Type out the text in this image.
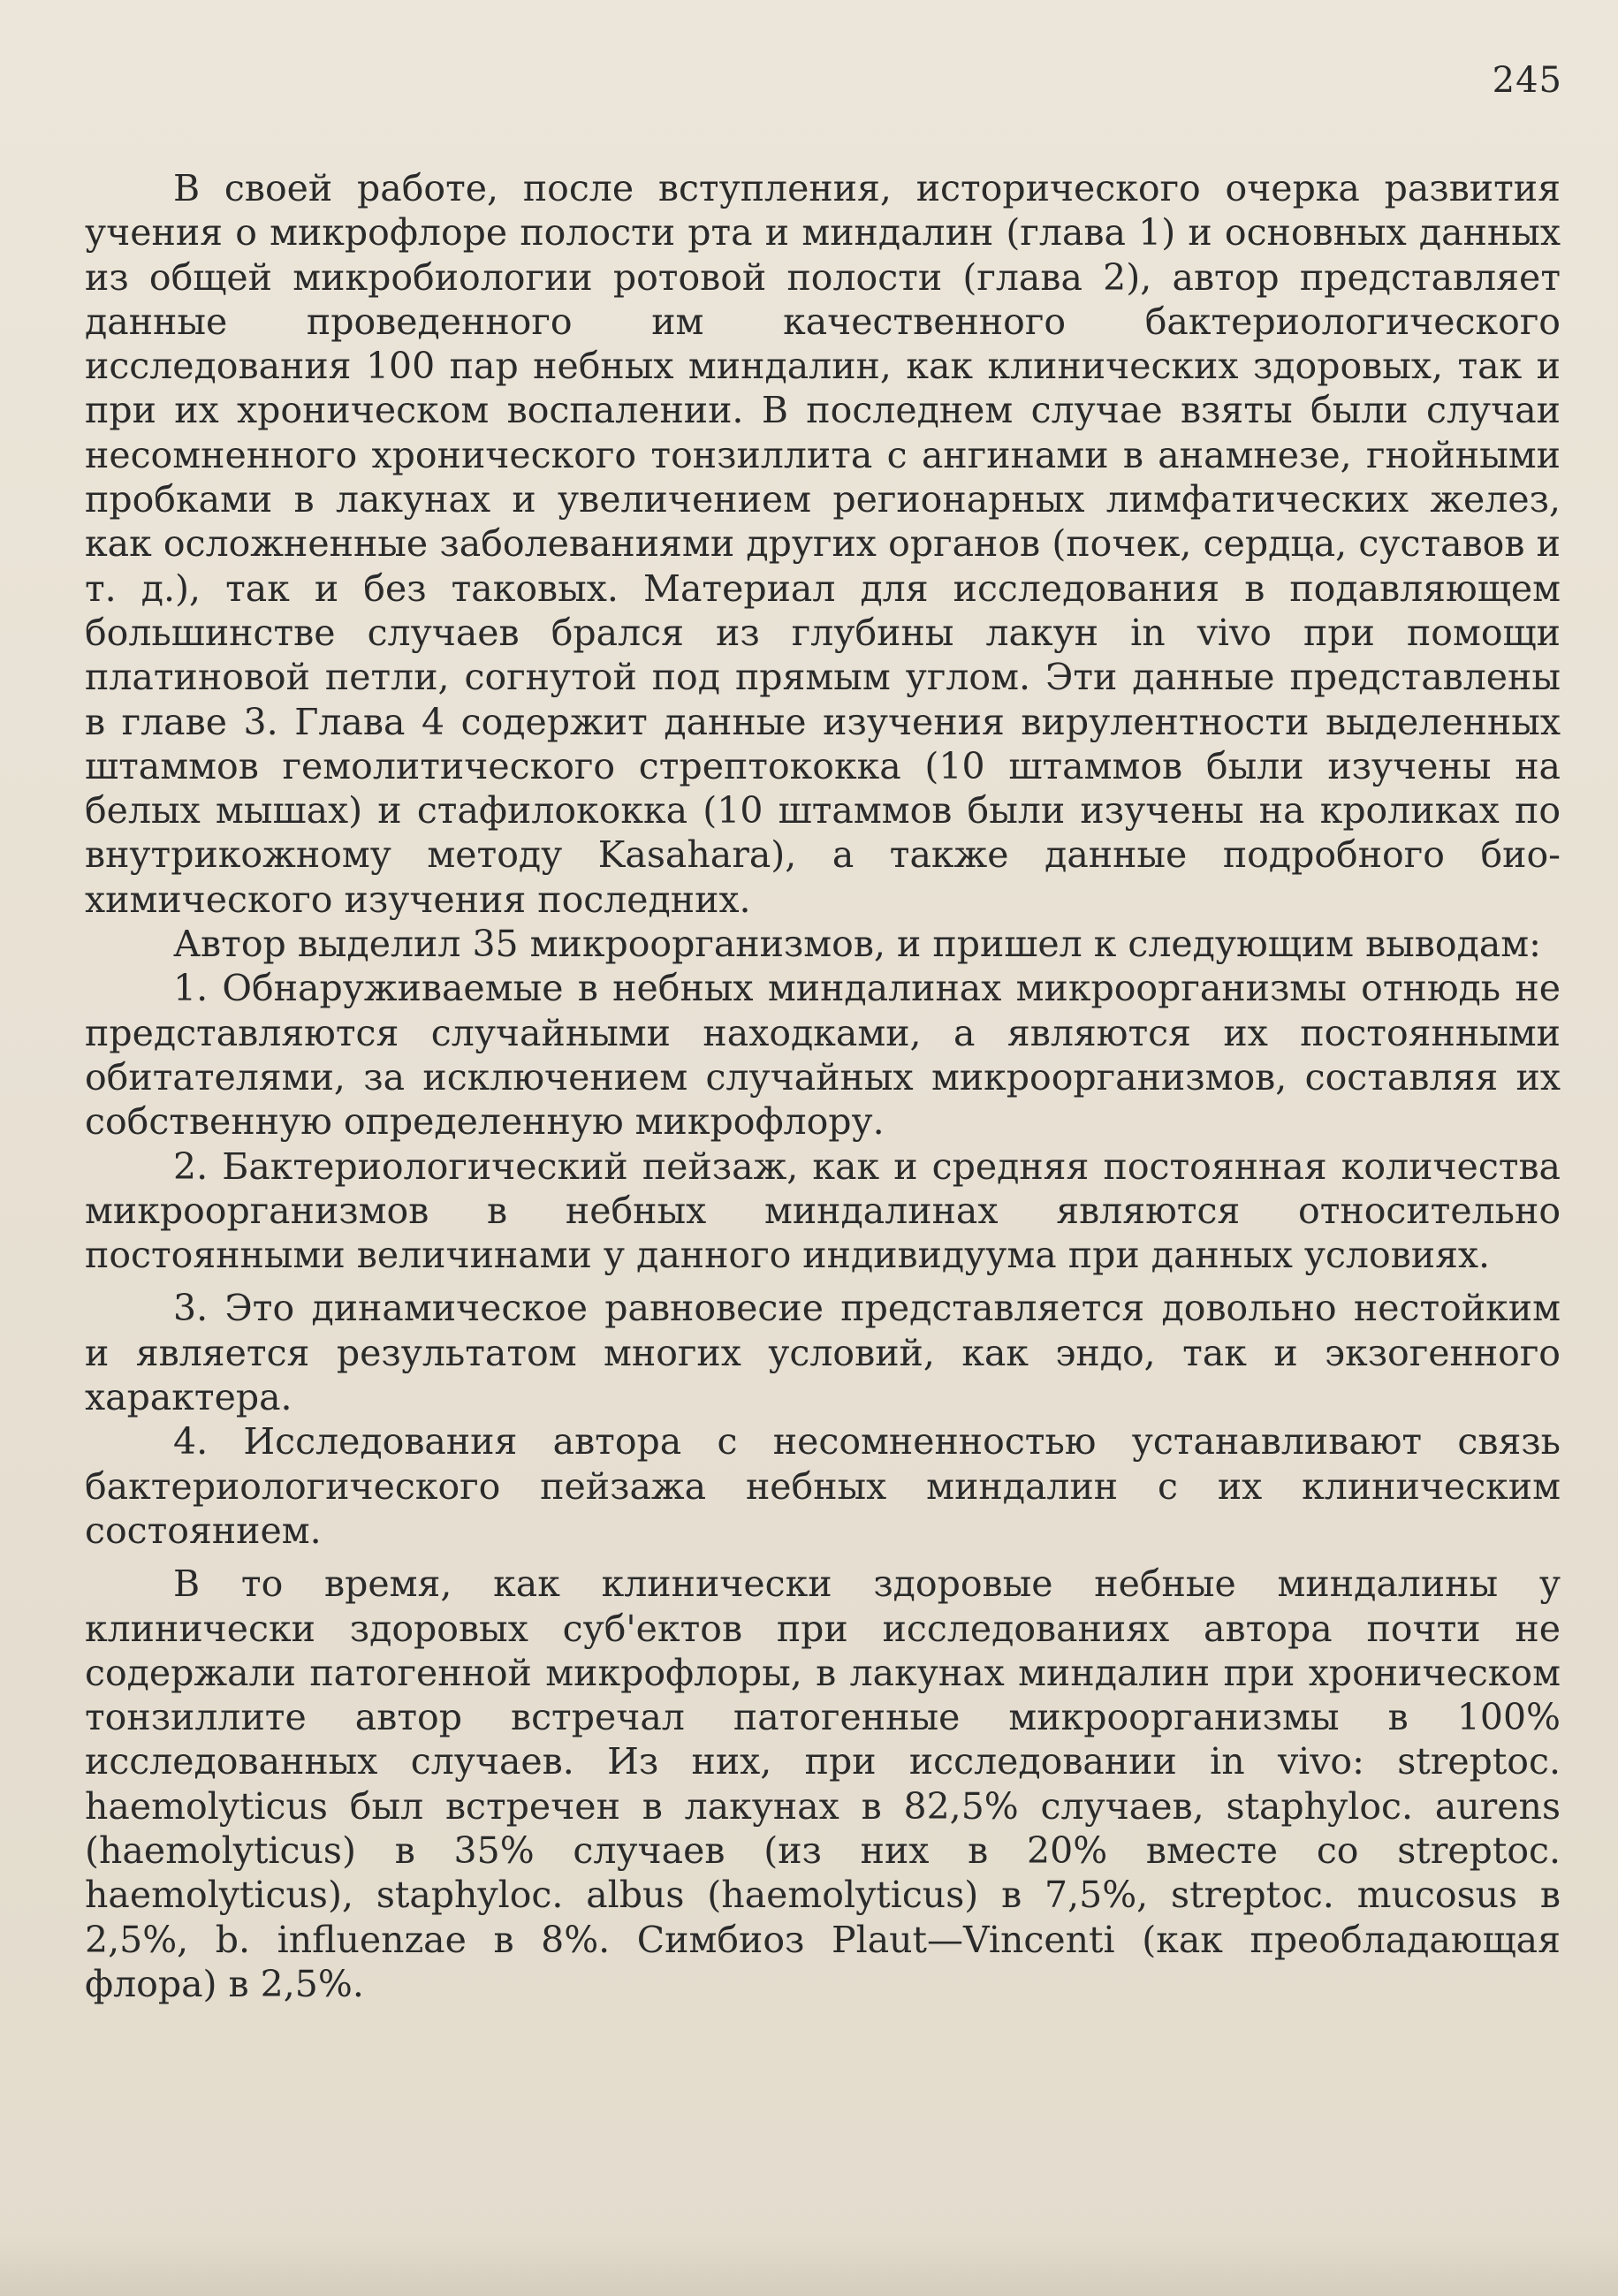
245

В своей работе, после вступления, исторического очерка развития учения о микрофлоре полости рта и миндалин (глава 1) и основных данных из общей микробиологии ротовой полости (глава 2), автор представляет данные проведенного им качественного бактериологического исследования 100 пар небных миндалин, как клинических здоровых, так и при их хроническом воспалении. В последнем случае взяты были случаи несомненного хронического тонзиллита с ангинами в анамнезе, гнойными пробками в лакунах и увеличением регионарных лимфатических желез, как осложненные заболеваниями других органов (почек, сердца, суставов и т. д.), так и без таковых. Материал для исследования в подавляющем большинстве случаев брался из глубины лакун in vivo при помощи платиновой петли, согнутой под прямым углом. Эти данные представлены в главе 3. Глава 4 содержит данные изучения вирулентности выделенных штаммов гемолитического стрептококка (10 штаммов были изучены на белых мышах) и стафилококка (10 штаммов были изучены на кроликах по внутрикожному методу Kasahara), а также данные подробного био-химического изучения последних.

Автор выделил 35 микроорганизмов, и пришел к следующим выводам:

1. Обнаруживаемые в небных миндалинах микроорганизмы отнюдь не представляются случайными находками, а являются их постоянными обитателями, за исключением случайных микроорганизмов, составляя их собственную определенную микрофлору.

2. Бактериологический пейзаж, как и средняя постоянная количества микроорганизмов в небных миндалинах являются относительно постоянными величинами у данного индивидуума при данных условиях.

3. Это динамическое равновесие представляется довольно нестойким и является результатом многих условий, как эндо, так и экзогенного характера.

4. Исследования автора с несомненностью устанавливают связь бактериологического пейзажа небных миндалин с их клиническим состоянием.

В то время, как клинически здоровые небные миндалины у клинически здоровых суб'ектов при исследованиях автора почти не содержали патогенной микрофлоры, в лакунах миндалин при хроническом тонзиллите автор встречал патогенные микроорганизмы в 100% исследованных случаев. Из них, при исследовании in vivo: streptoc. haemolyticus был встречен в лакунах в 82,5% случаев, staphyloc. aurens (haemolyticus) в 35% случаев (из них в 20% вместе со streptoc. haemolyticus), staphyloc. albus (haemolyticus) в 7,5%, streptoc. mucosus в 2,5%, b. influenzae в 8%. Симбиоз Plaut—Vincenti (как преобладающая флора) в 2,5%.
